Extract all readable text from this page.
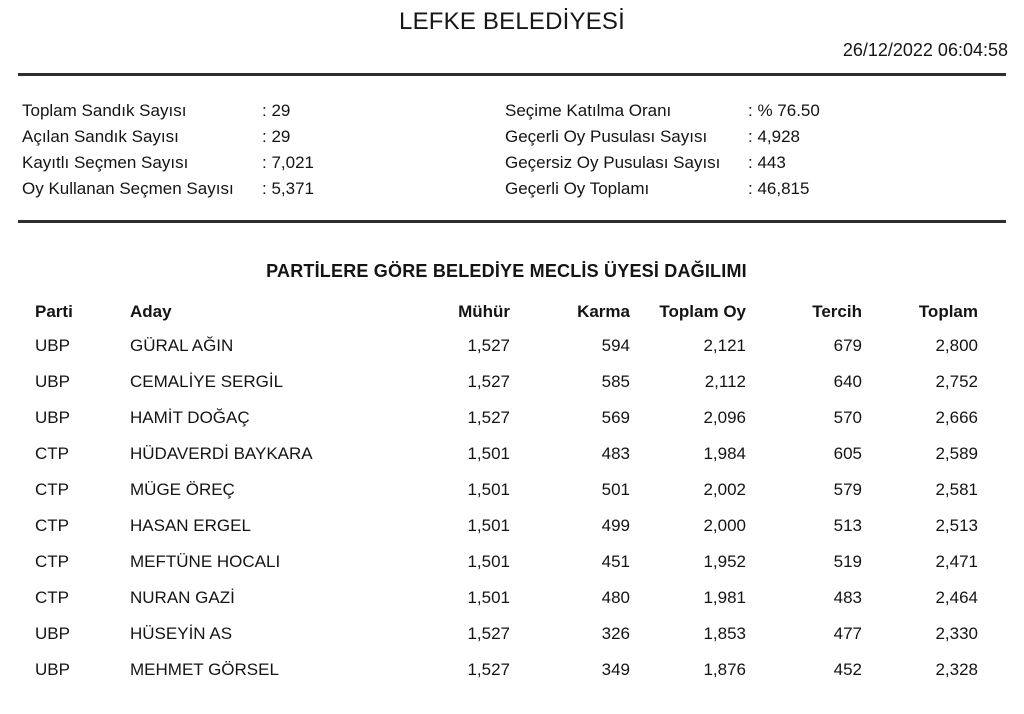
LEFKE BELEDİYESİ
26/12/2022 06:04:58
Toplam Sandık Sayısı	: 29
Açılan Sandık Sayısı	: 29
Kayıtlı Seçmen Sayısı	: 7,021
Oy Kullanan Seçmen Sayısı	: 5,371
Seçime Katılma Oranı	: % 76.50
Geçerli Oy Pusulası Sayısı	: 4,928
Geçersiz Oy Pusulası Sayısı	: 443
Geçerli Oy Toplamı	: 46,815
PARTİLERE GÖRE BELEDİYE MECLİS ÜYESİ DAĞILIMI
Parti	Aday	Mühür	Karma	Toplam Oy	Tercih	Toplam
UBP	GÜRAL AĞIN	1,527	594	2,121	679	2,800
UBP	CEMALİYE SERGİL	1,527	585	2,112	640	2,752
UBP	HAMİT DOĞAÇ	1,527	569	2,096	570	2,666
CTP	HÜDAVERDİ BAYKARA	1,501	483	1,984	605	2,589
CTP	MÜGE ÖREÇ	1,501	501	2,002	579	2,581
CTP	HASAN ERGEL	1,501	499	2,000	513	2,513
CTP	MEFTÜNE HOCALI	1,501	451	1,952	519	2,471
CTP	NURAN GAZİ	1,501	480	1,981	483	2,464
UBP	HÜSEYİN AS	1,527	326	1,853	477	2,330
UBP	MEHMET GÖRSEL	1,527	349	1,876	452	2,328
